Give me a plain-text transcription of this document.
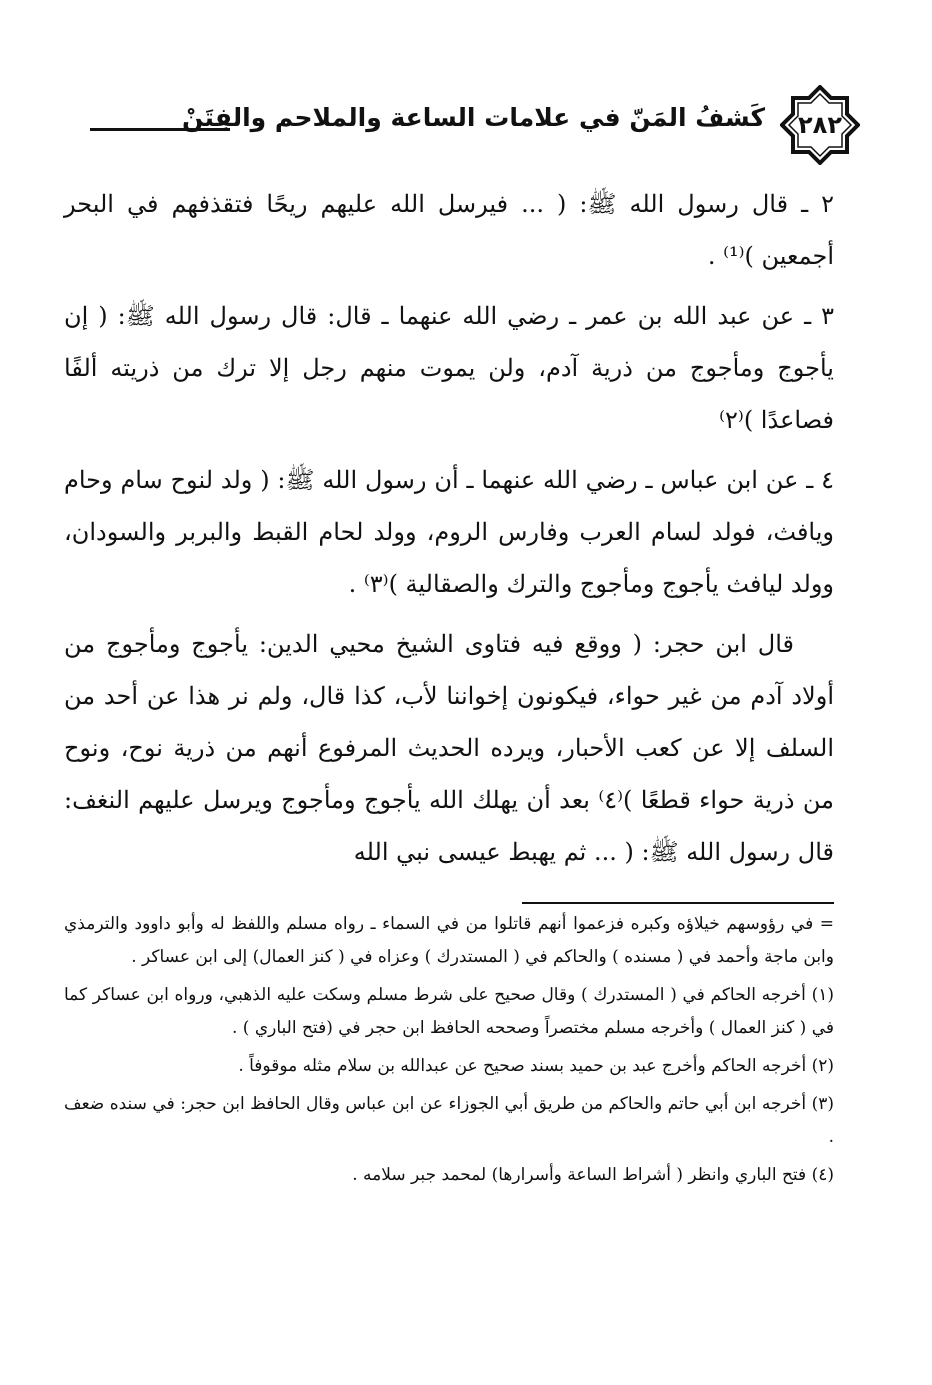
٢٨٢
كَشفُ المَنّ في علامات الساعة والملاحم والفِتَنْ

٢ ـ قال رسول الله ﷺ: ( ... فيرسل الله عليهم ريحًا فتقذفهم في البحر أجمعين )⁽¹⁾ .

٣ ـ عن عبد الله بن عمر ـ رضي الله عنهما ـ قال: قال رسول الله ﷺ: ( إن يأجوج ومأجوج من ذرية آدم، ولن يموت منهم رجل إلا ترك من ذريته ألفًا فصاعدًا )⁽٢⁾

٤ ـ عن ابن عباس ـ رضي الله عنهما ـ أن رسول الله ﷺ: ( ولد لنوح سام وحام ويافث، فولد لسام العرب وفارس الروم، وولد لحام القبط والبربر والسودان، وولد ليافث يأجوج ومأجوج والترك والصقالية )⁽٣⁾ .

قال ابن حجر: ( ووقع فيه فتاوى الشيخ محيي الدين: يأجوج ومأجوج من أولاد آدم من غير حواء، فيكونون إخواننا لأب، كذا قال، ولم نر هذا عن أحد من السلف إلا عن كعب الأحبار، ويرده الحديث المرفوع أنهم من ذرية نوح، ونوح من ذرية حواء قطعًا )⁽٤⁾ بعد أن يهلك الله يأجوج ومأجوج ويرسل عليهم النغف: قال رسول الله ﷺ: ( ... ثم يهبط عيسى نبي الله

= في رؤوسهم خيلاؤه وكبره فزعموا أنهم قاتلوا من في السماء ـ رواه مسلم واللفظ له وأبو داوود والترمذي وابن ماجة وأحمد في ( مسنده ) والحاكم في ( المستدرك ) وعزاه في ( كنز العمال) إلى ابن عساكر .

(١) أخرجه الحاكم في ( المستدرك ) وقال صحيح على شرط مسلم وسكت عليه الذهبي، ورواه ابن عساكر كما في ( كنز العمال ) وأخرجه مسلم مختصراً وصححه الحافظ ابن حجر في (فتح الباري ) .

(٢) أخرجه الحاكم وأخرج عبد بن حميد بسند صحيح عن عبدالله بن سلام مثله موقوفاً .

(٣) أخرجه ابن أبي حاتم والحاكم من طريق أبي الجوزاء عن ابن عباس وقال الحافظ ابن حجر: في سنده ضعف .

(٤) فتح الباري وانظر ( أشراط الساعة وأسرارها) لمحمد جبر سلامه .
